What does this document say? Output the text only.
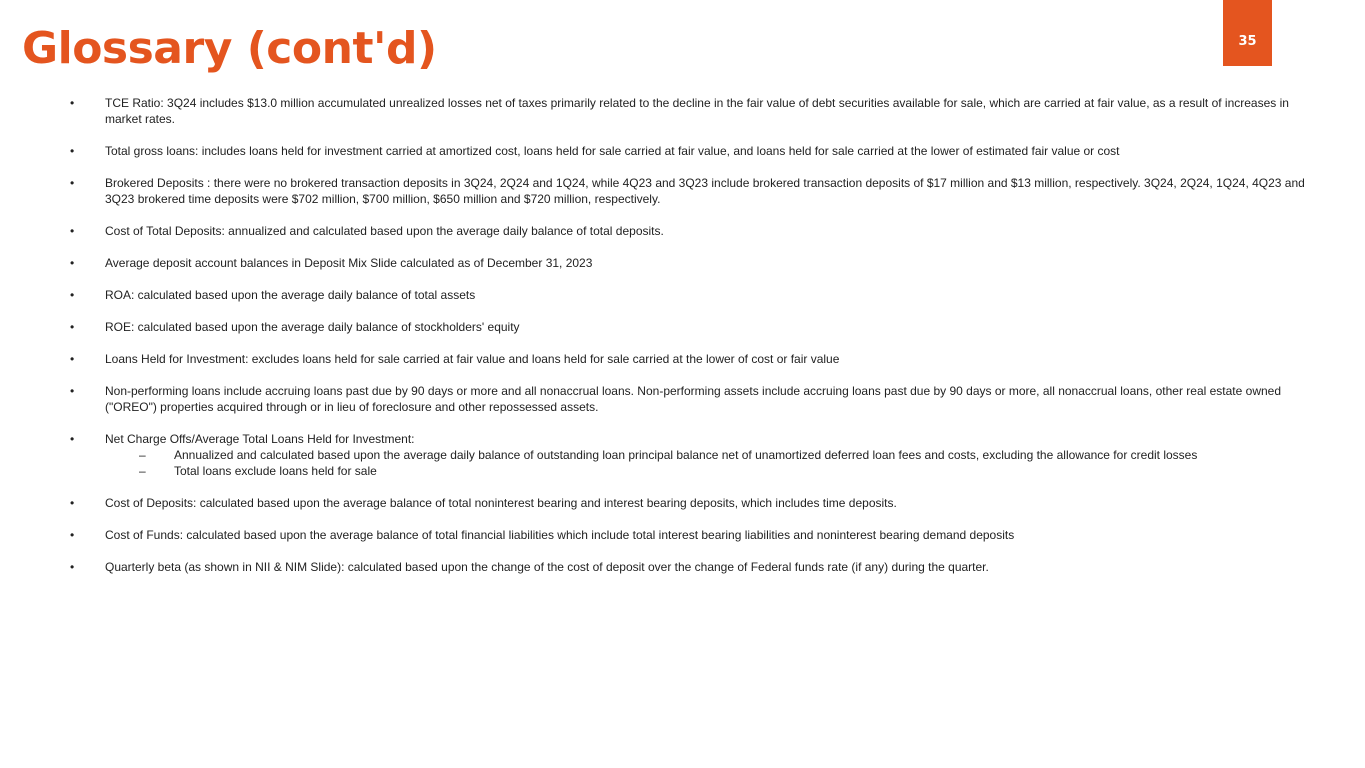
Glossary (cont'd)	35
•	TCE Ratio: 3Q24 includes $13.0 million accumulated unrealized losses net of taxes primarily related to the decline in the fair value of debt securities available for sale, which are carried at fair value, as a result of increases in market rates.
•	Total gross loans: includes loans held for investment carried at amortized cost, loans held for sale carried at fair value, and loans held for sale carried at the lower of estimated fair value or cost
•	Brokered Deposits : there were no brokered transaction deposits in 3Q24, 2Q24 and 1Q24, while 4Q23 and 3Q23 include brokered transaction deposits of $17 million and $13 million, respectively. 3Q24, 2Q24, 1Q24, 4Q23 and 3Q23 brokered time deposits were $702 million, $700 million, $650 million and $720 million, respectively.
•	Cost of Total Deposits: annualized and calculated based upon the average daily balance of total deposits.
•	Average deposit account balances in Deposit Mix Slide calculated as of December 31, 2023
•	ROA: calculated based upon the average daily balance of total assets
•	ROE: calculated based upon the average daily balance of stockholders' equity
•	Loans Held for Investment: excludes loans held for sale carried at fair value and loans held for sale carried at the lower of cost or fair value
•	Non-performing loans include accruing loans past due by 90 days or more and all nonaccrual loans. Non-performing assets include accruing loans past due by 90 days or more, all nonaccrual loans, other real estate owned ("OREO") properties acquired through or in lieu of foreclosure and other repossessed assets.
•	Net Charge Offs/Average Total Loans Held for Investment:
– Annualized and calculated based upon the average daily balance of outstanding loan principal balance net of unamortized deferred loan fees and costs, excluding the allowance for credit losses
– Total loans exclude loans held for sale
•	Cost of Deposits: calculated based upon the average balance of total noninterest bearing and interest bearing deposits, which includes time deposits.
•	Cost of Funds: calculated based upon the average balance of total financial liabilities which include total interest bearing liabilities and noninterest bearing demand deposits
•	Quarterly beta (as shown in NII & NIM Slide): calculated based upon the change of the cost of deposit over the change of Federal funds rate (if any) during the quarter.
